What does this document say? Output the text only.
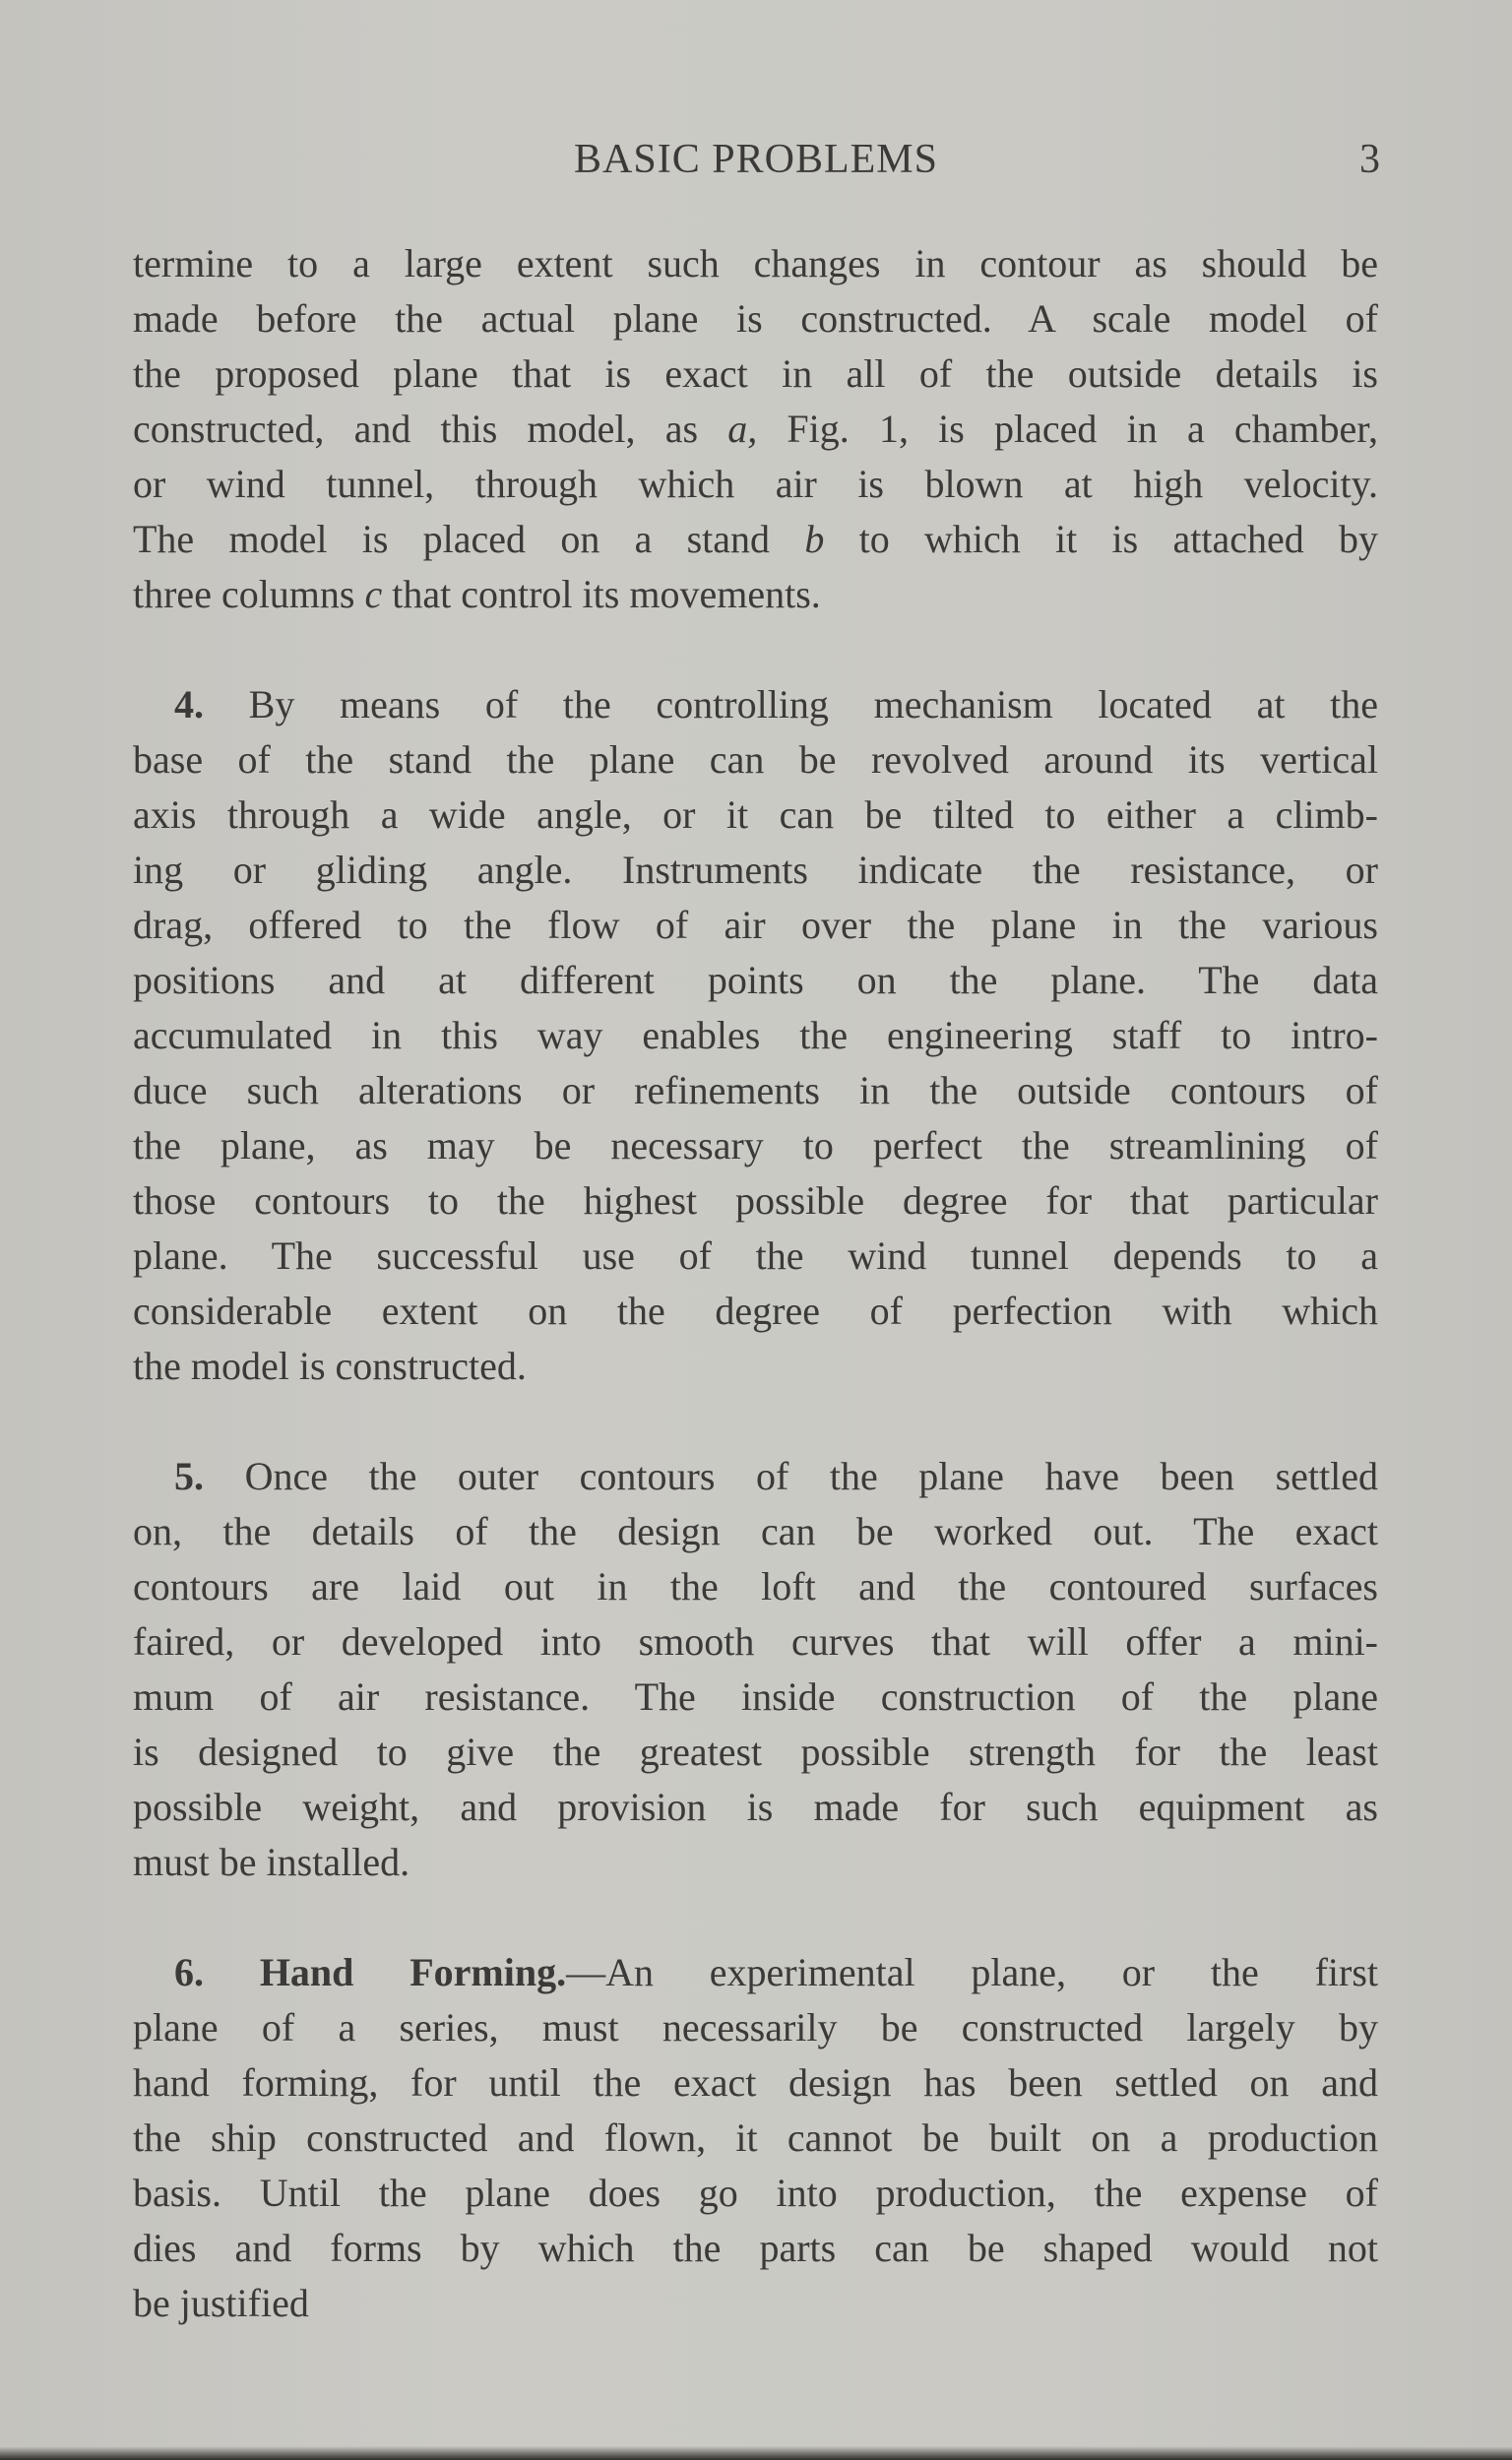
BASIC PROBLEMS	3
termine to a large extent such changes in contour as should be
made before the actual plane is constructed. A scale model of
the proposed plane that is exact in all of the outside details is
constructed, and this model, as a, Fig. 1, is placed in a chamber,
or wind tunnel, through which air is blown at high velocity.
The model is placed on a stand b to which it is attached by
three columns c that control its movements.
4. By means of the controlling mechanism located at the
base of the stand the plane can be revolved around its vertical
axis through a wide angle, or it can be tilted to either a climb-
ing or gliding angle. Instruments indicate the resistance, or
drag, offered to the flow of air over the plane in the various
positions and at different points on the plane. The data
accumulated in this way enables the engineering staff to intro-
duce such alterations or refinements in the outside contours of
the plane, as may be necessary to perfect the streamlining of
those contours to the highest possible degree for that particular
plane. The successful use of the wind tunnel depends to a
considerable extent on the degree of perfection with which
the model is constructed.
5. Once the outer contours of the plane have been settled
on, the details of the design can be worked out. The exact
contours are laid out in the loft and the contoured surfaces
faired, or developed into smooth curves that will offer a mini-
mum of air resistance. The inside construction of the plane
is designed to give the greatest possible strength for the least
possible weight, and provision is made for such equipment as
must be installed.
6. Hand Forming.—An experimental plane, or the first
plane of a series, must necessarily be constructed largely by
hand forming, for until the exact design has been settled on and
the ship constructed and flown, it cannot be built on a production
basis. Until the plane does go into production, the expense of
dies and forms by which the parts can be shaped would not
be justified
